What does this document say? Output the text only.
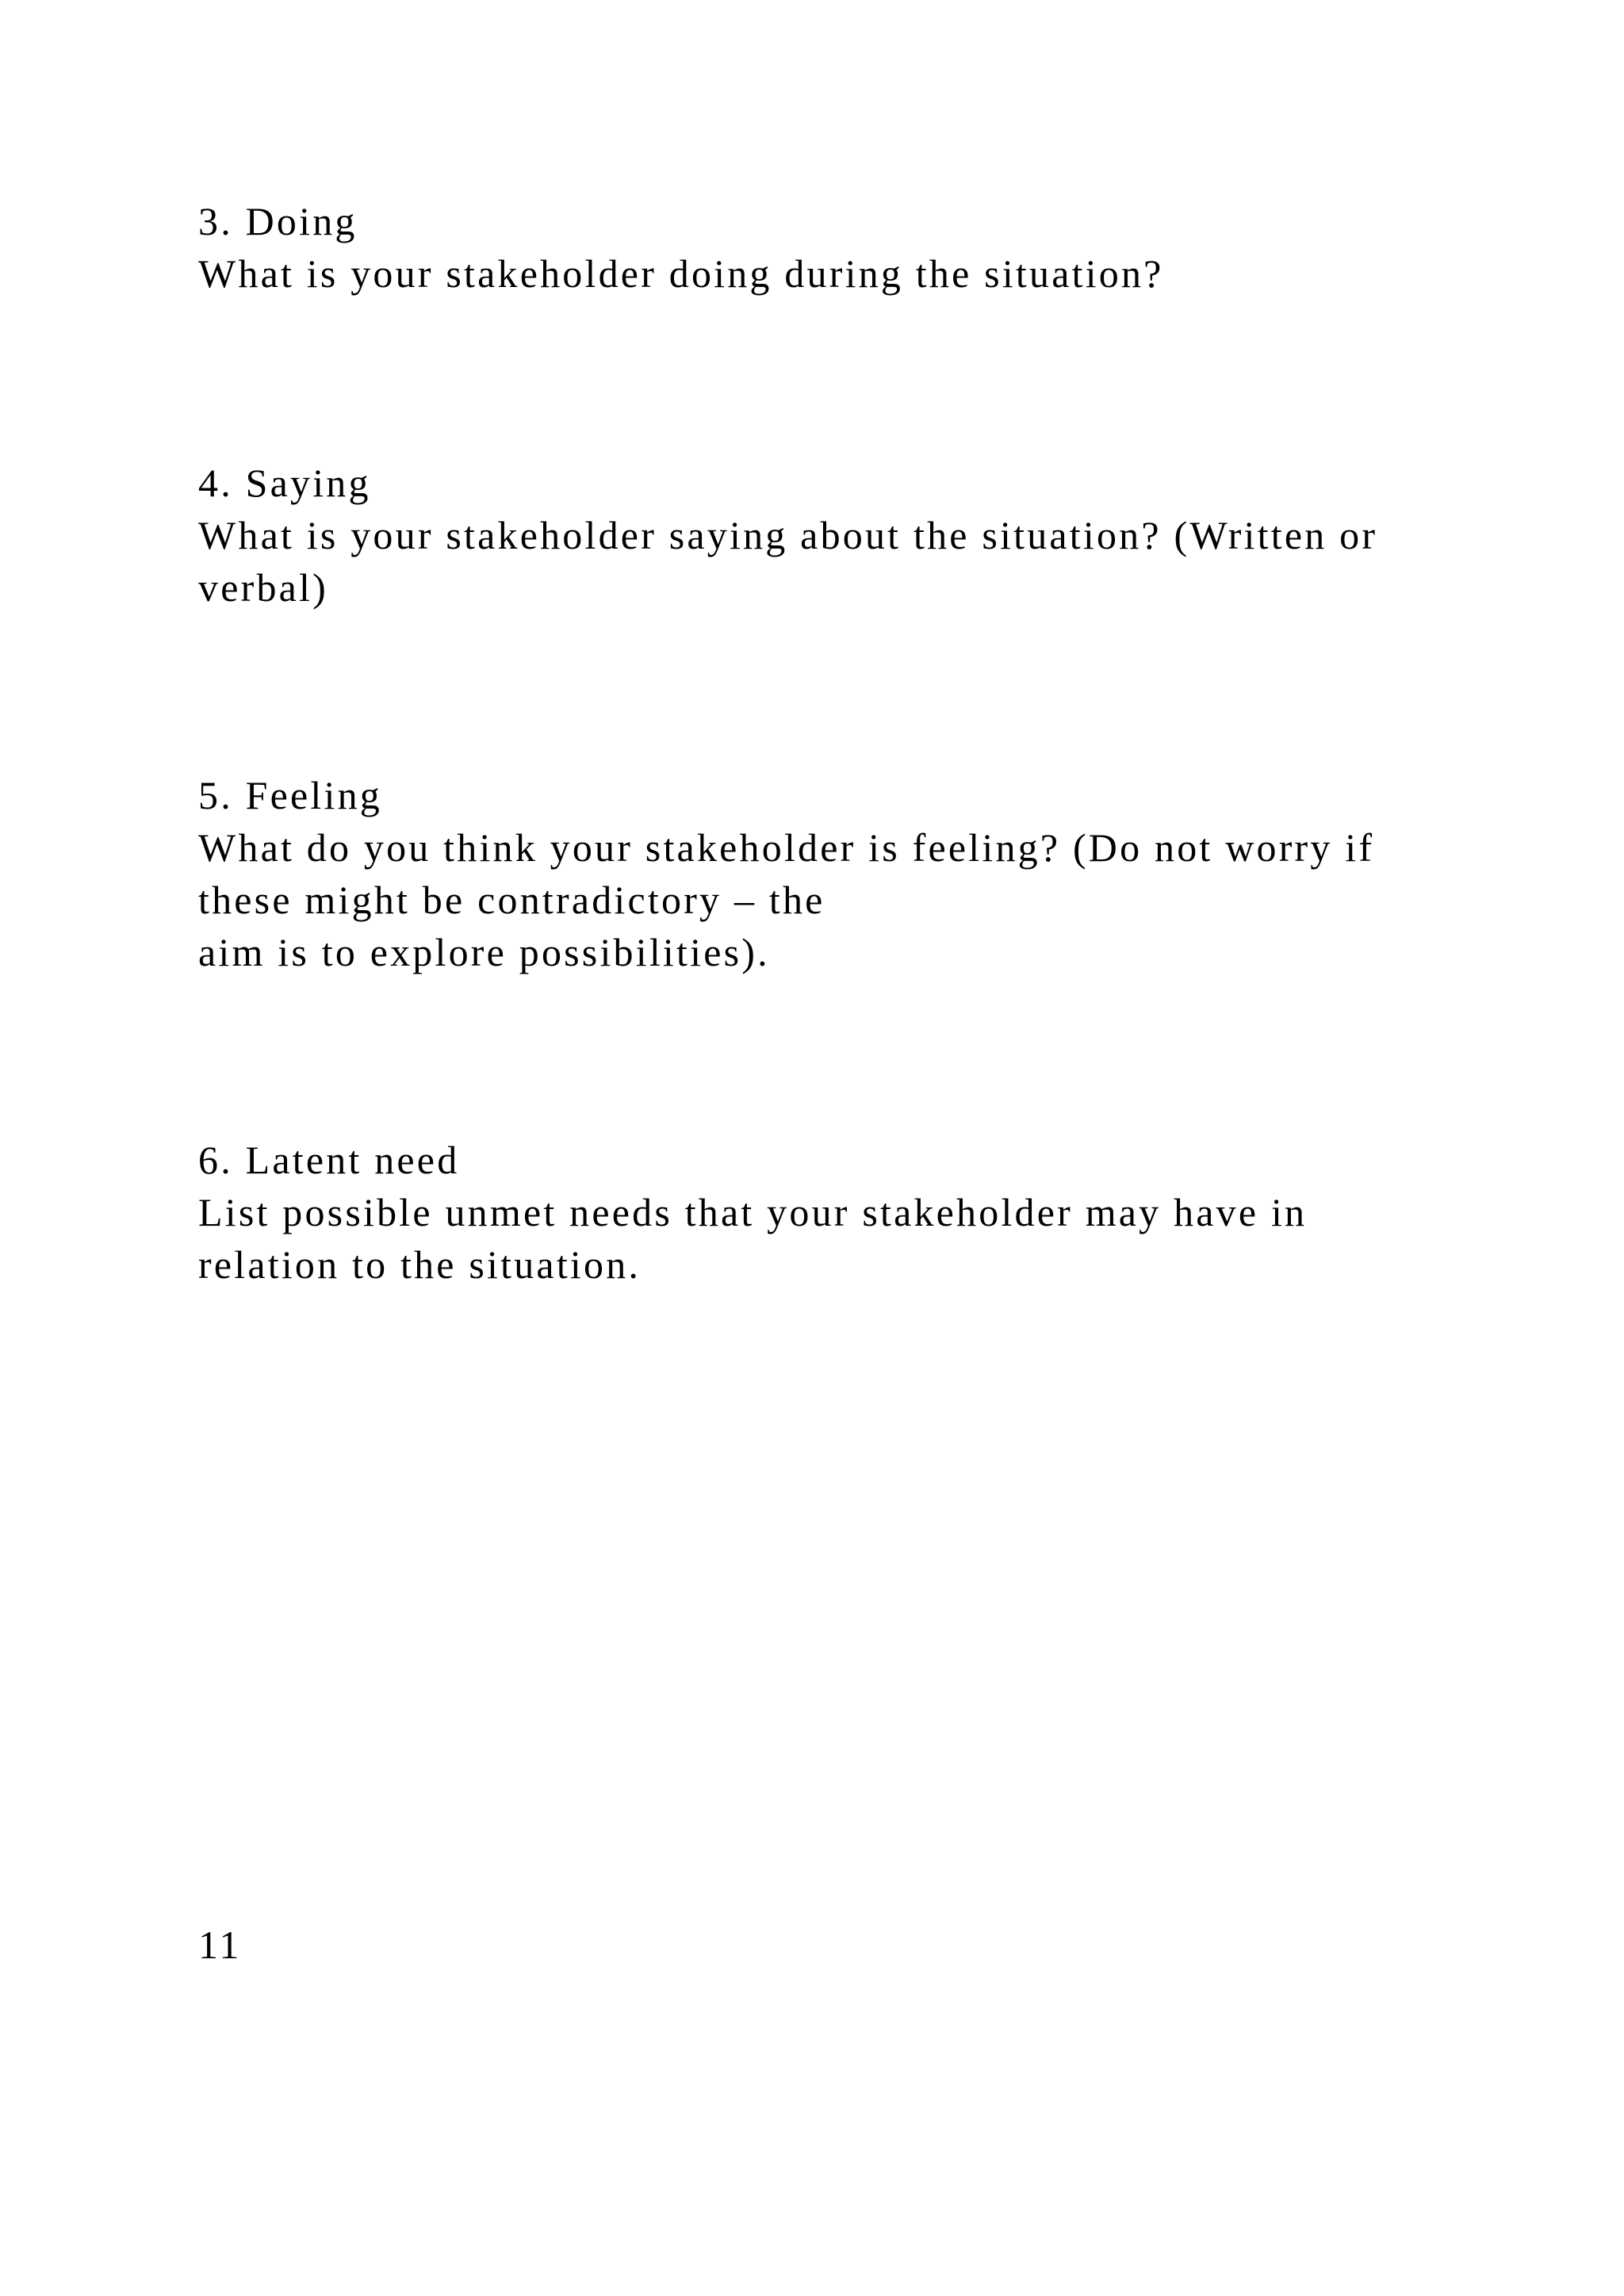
3. Doing

What is your stakeholder doing during the situation?

4. Saying

What is your stakeholder saying about the situation? (Written or

verbal)

5. Feeling

What do you think your stakeholder is feeling? (Do not worry if

these might be contradictory – the

aim is to explore possibilities).

6. Latent need

List possible unmet needs that your stakeholder may have in

relation to the situation.

11
